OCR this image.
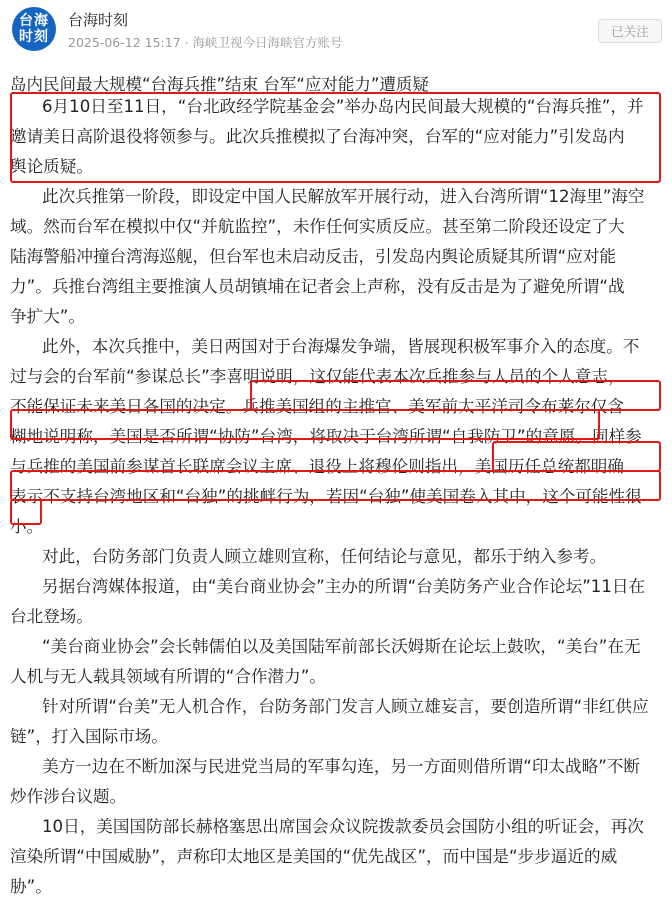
台海
时刻
台海时刻
2025-06-12 15:17 · 海峡卫视今日海峡官方账号
已关注
岛内民间最大规模“台海兵推”结束 台军“应对能力”遭质疑
6月10日至11日，“台北政经学院基金会”举办岛内民间最大规模的“台海兵推”，并
邀请美日高阶退役将领参与。此次兵推模拟了台海冲突，台军的“应对能力”引发岛内
舆论质疑。
此次兵推第一阶段，即设定中国人民解放军开展行动，进入台湾所谓“12海里”海空
域。然而台军在模拟中仅“并航监控”，未作任何实质反应。甚至第二阶段还设定了大
陆海警船冲撞台湾海巡舰，但台军也未启动反击，引发岛内舆论质疑其所谓“应对能
力”。兵推台湾组主要推演人员胡镇埔在记者会上声称，没有反击是为了避免所谓“战
争扩大”。
此外，本次兵推中，美日两国对于台海爆发争端，皆展现积极军事介入的态度。不
过与会的台军前“参谋总长”李喜明说明，这仅能代表本次兵推参与人员的个人意志，
不能保证未来美日各国的决定。兵推美国组的主推官、美军前太平洋司令布莱尔仅含
糊地说明称，美国是否所谓“协防”台湾，将取决于台湾所谓“自我防卫”的意愿。同样参
与兵推的美国前参谋首长联席会议主席、退役上将穆伦则指出，美国历任总统都明确
表示不支持台湾地区和“台独”的挑衅行为，若因“台独”使美国卷入其中，这个可能性很
小。
对此，台防务部门负责人顾立雄则宣称，任何结论与意见，都乐于纳入参考。
另据台湾媒体报道，由“美台商业协会”主办的所谓“台美防务产业合作论坛”11日在
台北登场。
“美台商业协会”会长韩儒伯以及美国陆军前部长沃姆斯在论坛上鼓吹，“美台”在无
人机与无人载具领域有所谓的“合作潜力”。
针对所谓“台美”无人机合作，台防务部门发言人顾立雄妄言，要创造所谓“非红供应
链”，打入国际市场。
美方一边在不断加深与民进党当局的军事勾连，另一方面则借所谓“印太战略”不断
炒作涉台议题。
10日，美国国防部长赫格塞思出席国会众议院拨款委员会国防小组的听证会，再次
渲染所谓“中国威胁”，声称印太地区是美国的“优先战区”，而中国是“步步逼近的威
胁”。
